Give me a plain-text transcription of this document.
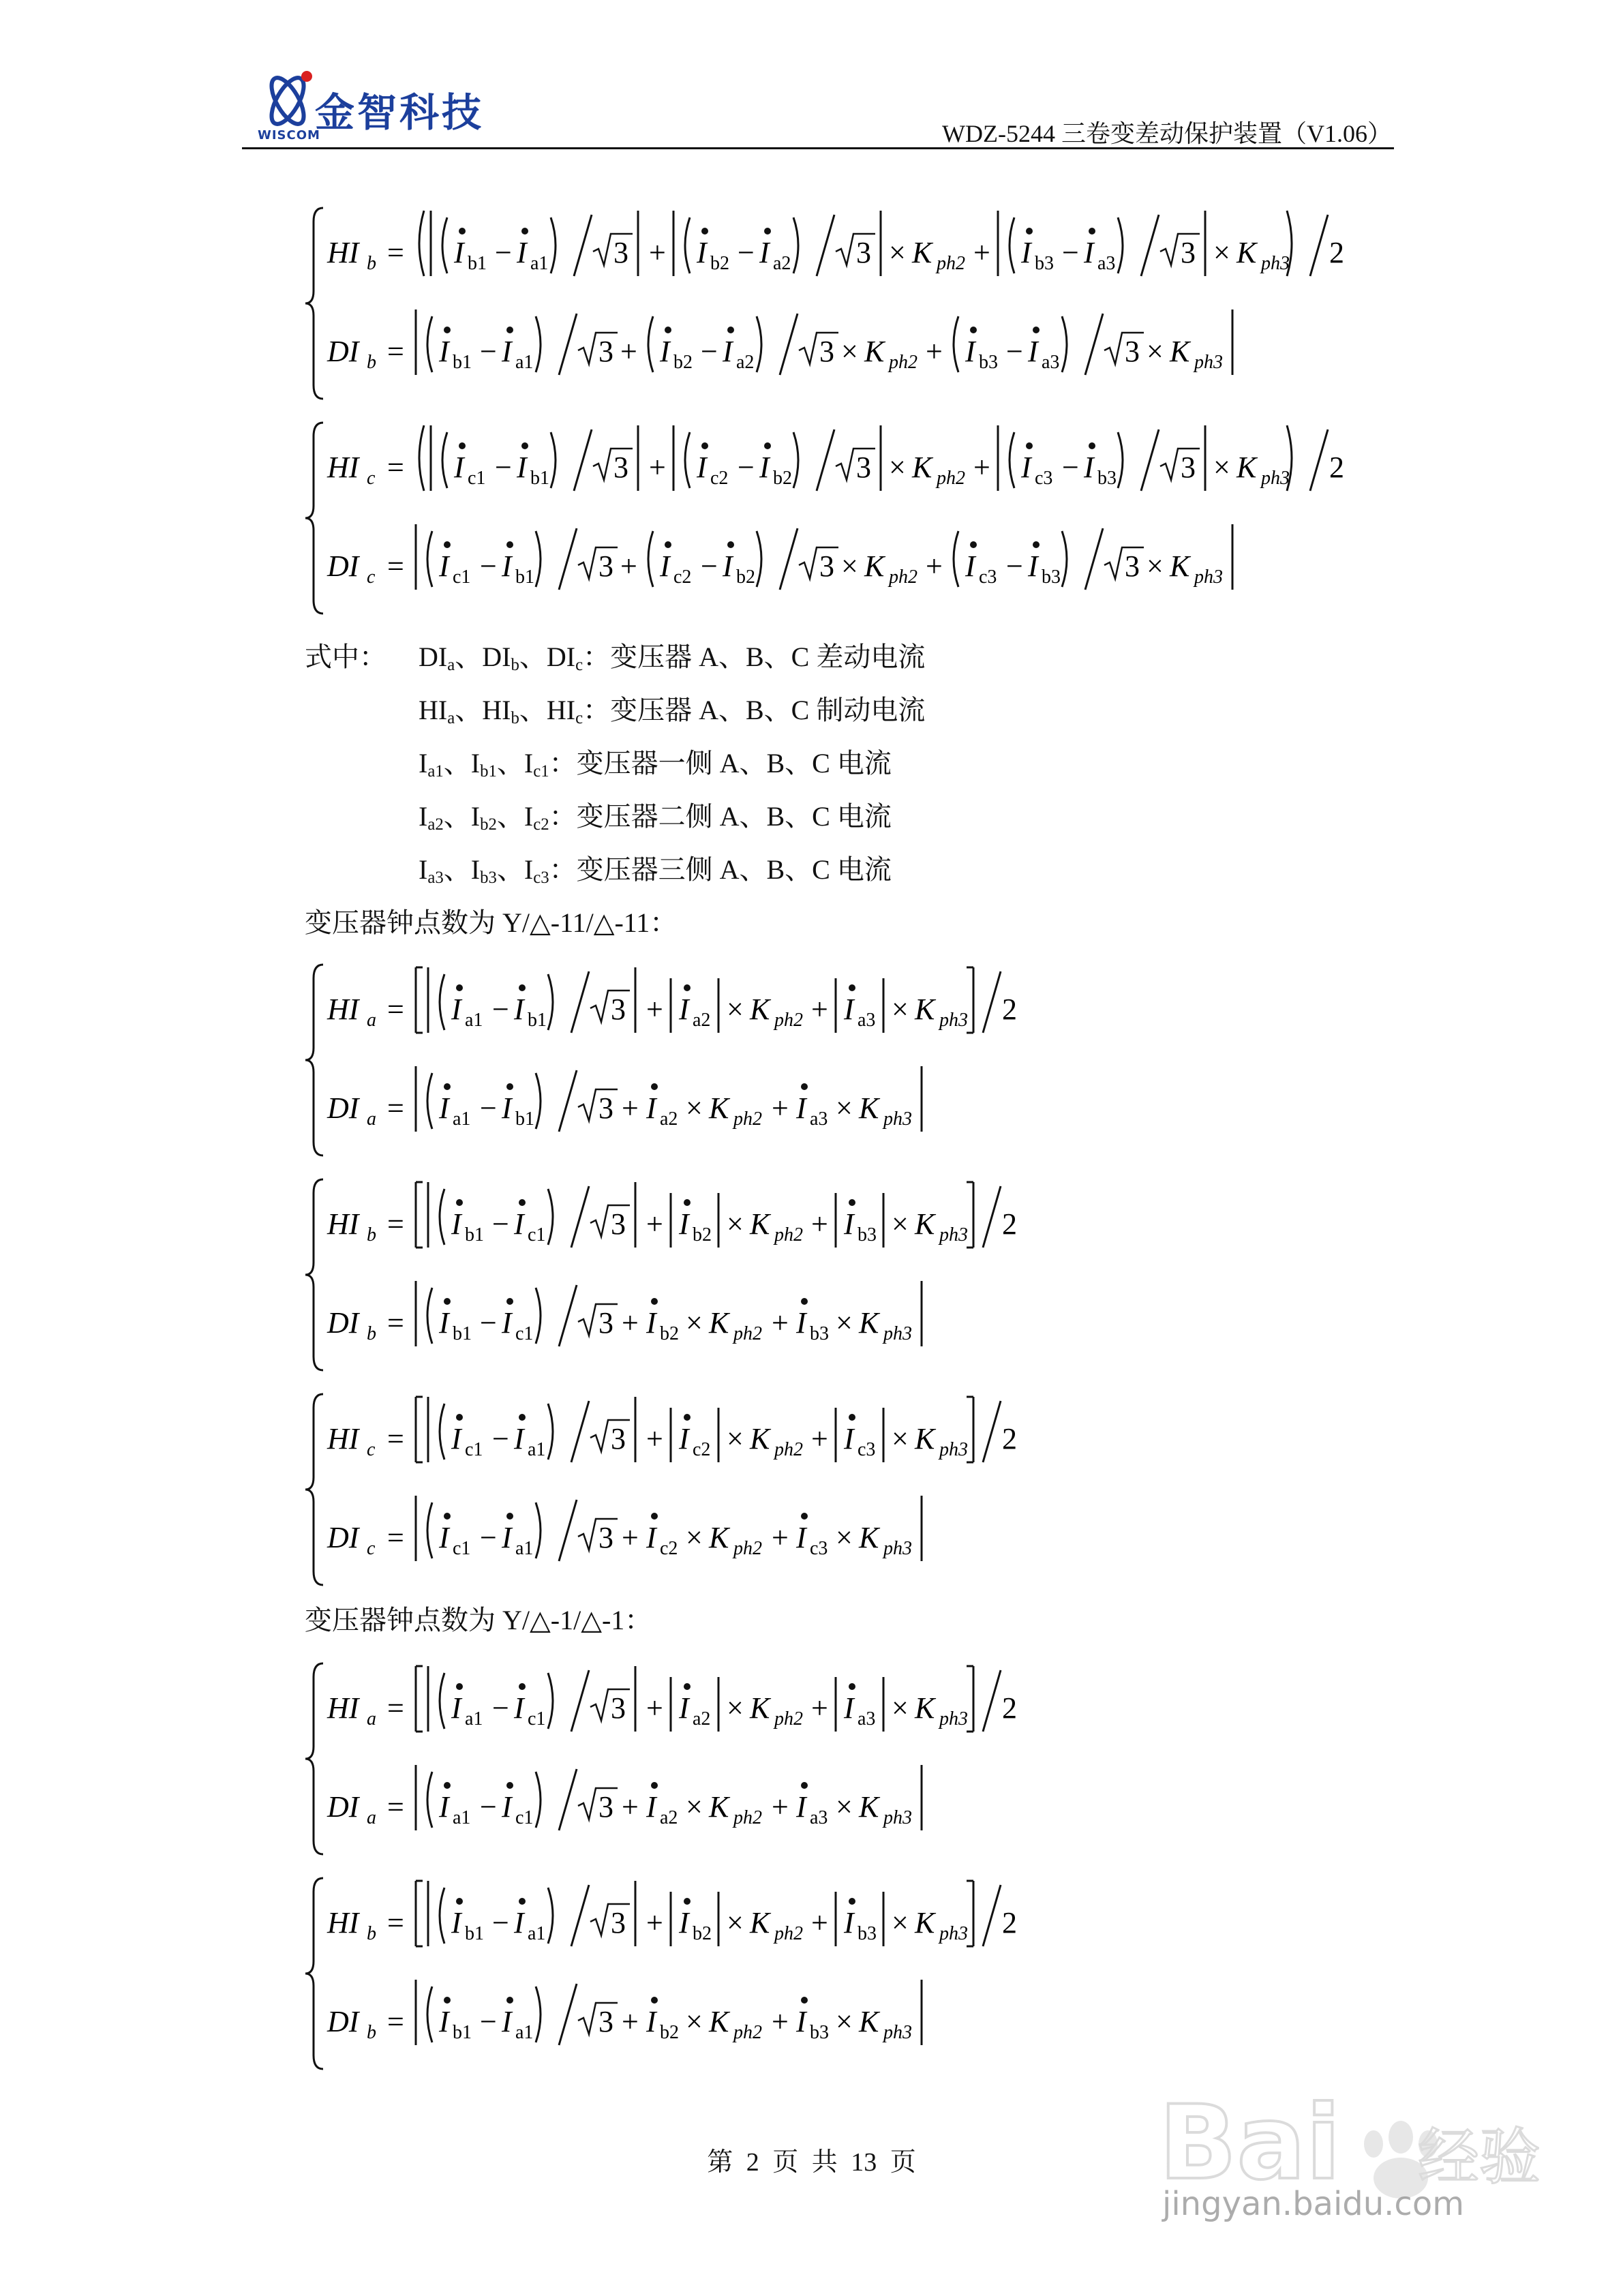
金智科技
WISCOM	WDZ-5244 三卷变差动保护装置（V1.06）
HI b = I b1 − I a1 3 + I b2 − I a2 3 × K ph2 + I b3 − I a3 3 × K ph3 2
DI b = I b1 − I a1 3 + I b2 − I a2 3 × K ph2 + I b3 − I a3 3 × K ph3
HI c = I c1 − I b1 3 + I c2 − I b2 3 × K ph2 + I c3 − I b3 3 × K ph3 2
DI c = I c1 − I b1 3 + I c2 − I b2 3 × K ph2 + I c3 − I b3 3 × K ph3
式中： $DI_a$、$DI_b$、$DI_c$：变压器 A、B、C 差动电流
$HI_a$、$HI_b$、$HI_c$：变压器 A、B、C 制动电流
$I_{a1}$、$I_{b1}$、$I_{c1}$：变压器一侧 A、B、C 电流
$I_{a2}$、$I_{b2}$、$I_{c2}$：变压器二侧 A、B、C 电流
$I_{a3}$、$I_{b3}$、$I_{c3}$：变压器三侧 A、B、C 电流
变压器钟点数为 Y/△-11/△-11：
HI a = I a1 − I b1 3 + I a2 × K ph2 + I a3 × K ph3 2
DI a = I a1 − I b1 3 + I a2 × K ph2 + I a3 × K ph3
HI b = I b1 − I c1 3 + I b2 × K ph2 + I b3 × K ph3 2
DI b = I b1 − I c1 3 + I b2 × K ph2 + I b3 × K ph3
HI c = I c1 − I a1 3 + I c2 × K ph2 + I c3 × K ph3 2
DI c = I c1 − I a1 3 + I c2 × K ph2 + I c3 × K ph3
变压器钟点数为 Y/△-1/△-1：
HI a = I a1 − I c1 3 + I a2 × K ph2 + I a3 × K ph3 2
DI a = I a1 − I c1 3 + I a2 × K ph2 + I a3 × K ph3
HI b = I b1 − I a1 3 + I b2 × K ph2 + I b3 × K ph3 2
DI b = I b1 − I a1 3 + I b2 × K ph2 + I b3 × K ph3
第 2 页 共 13 页	Bai 经验
jingyan.baidu.com
